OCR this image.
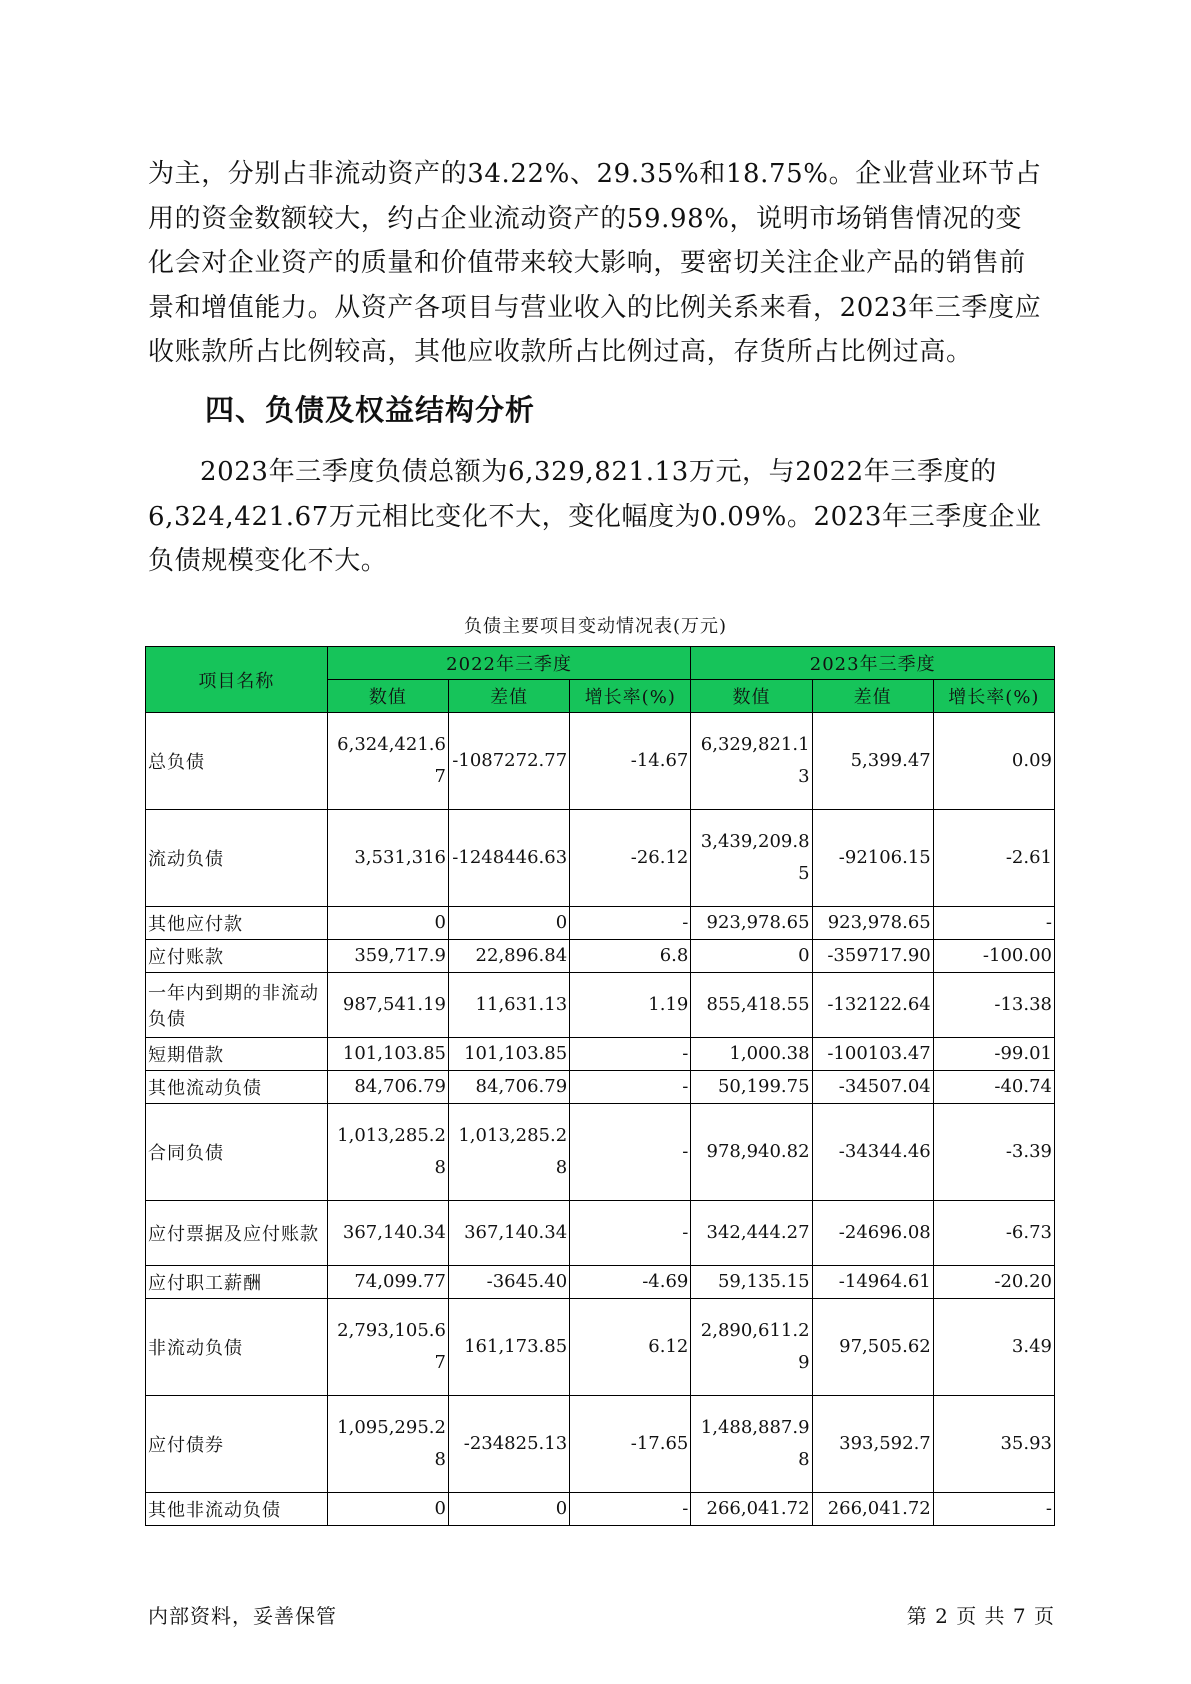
为主，分别占非流动资产的34.22%、29.35%和18.75%。企业营业环节占用的资金数额较大，约占企业流动资产的59.98%，说明市场销售情况的变化会对企业资产的质量和价值带来较大影响，要密切关注企业产品的销售前景和增值能力。从资产各项目与营业收入的比例关系来看，2023年三季度应收账款所占比例较高，其他应收款所占比例过高，存货所占比例过高。

四、负债及权益结构分析

2023年三季度负债总额为6,329,821.13万元，与2022年三季度的6,324,421.67万元相比变化不大，变化幅度为0.09%。2023年三季度企业负债规模变化不大。

负债主要项目变动情况表(万元)
项目名称	2022年三季度			2023年三季度		
	数值	差值	增长率(%)	数值	差值	增长率(%)
总负债	6,324,421.67	-1087272.77	-14.67	6,329,821.13	5,399.47	0.09
流动负债	3,531,316	-1248446.63	-26.12	3,439,209.85	-92106.15	-2.61
其他应付款	0	0	-	923,978.65	923,978.65	-
应付账款	359,717.9	22,896.84	6.8	0	-359717.90	-100.00
一年内到期的非流动负债	987,541.19	11,631.13	1.19	855,418.55	-132122.64	-13.38
短期借款	101,103.85	101,103.85	-	1,000.38	-100103.47	-99.01
其他流动负债	84,706.79	84,706.79	-	50,199.75	-34507.04	-40.74
合同负债	1,013,285.28	1,013,285.28	-	978,940.82	-34344.46	-3.39
应付票据及应付账款	367,140.34	367,140.34	-	342,444.27	-24696.08	-6.73
应付职工薪酬	74,099.77	-3645.40	-4.69	59,135.15	-14964.61	-20.20
非流动负债	2,793,105.67	161,173.85	6.12	2,890,611.29	97,505.62	3.49
应付债券	1,095,295.28	-234825.13	-17.65	1,488,887.98	393,592.7	35.93
其他非流动负债	0	0	-	266,041.72	266,041.72	-
内部资料，妥善保管	第 2 页 共 7 页
